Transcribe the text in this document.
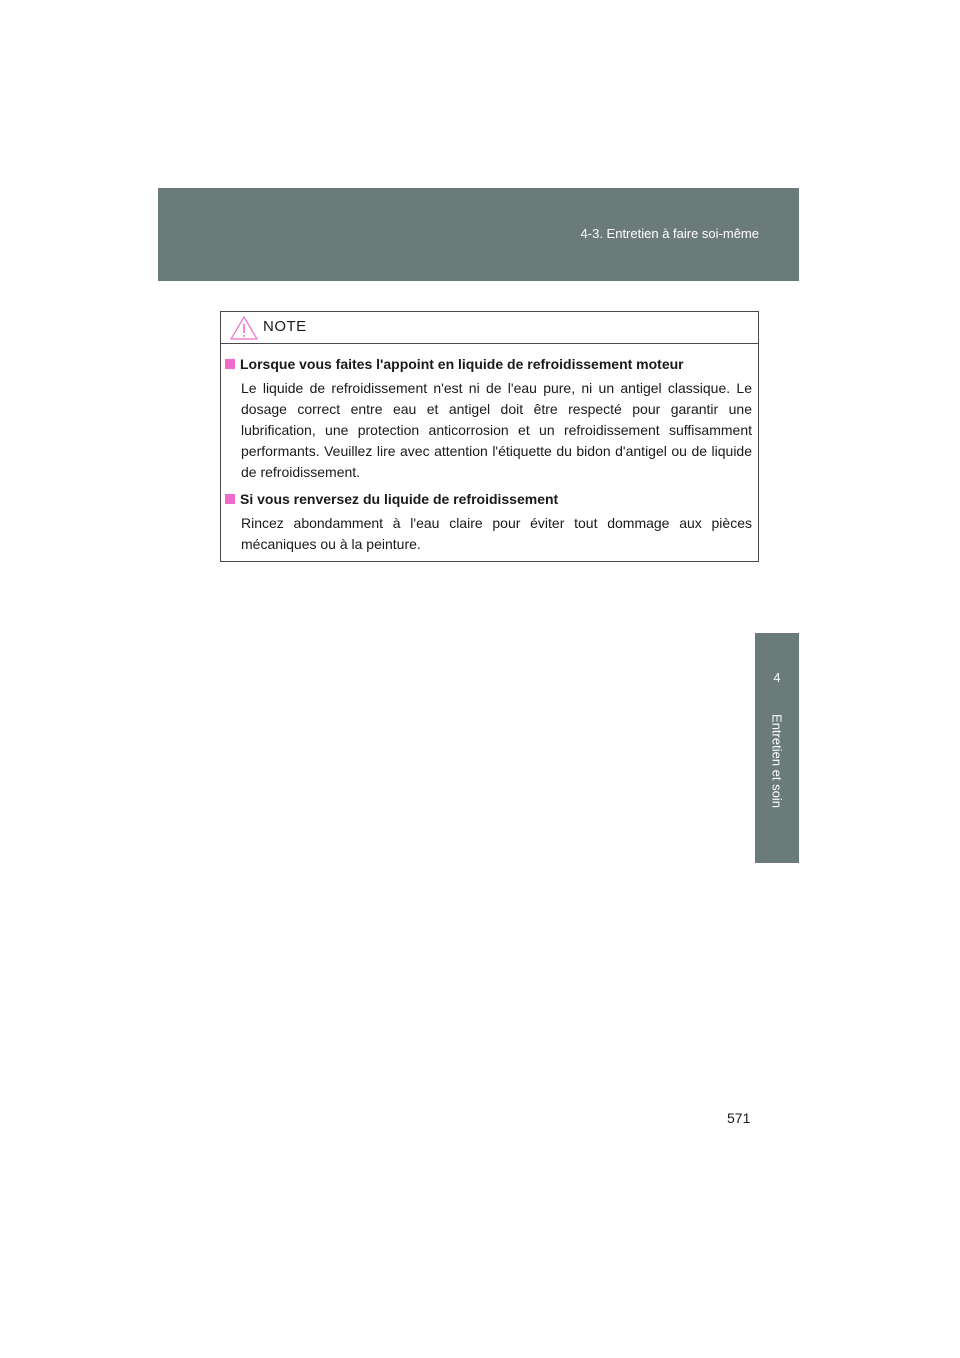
4-3. Entretien à faire soi-même
4
Entretien et soin
NOTE
Lorsque vous faites l'appoint en liquide de refroidissement moteur

Le liquide de refroidissement n'est ni de l'eau pure, ni un antigel classique. Le dosage correct entre eau et antigel doit être respecté pour garantir une lubrification, une protection anticorrosion et un refroidissement suffisamment performants. Veuillez lire avec attention l'étiquette du bidon d'antigel ou de liquide de refroidissement.

Si vous renversez du liquide de refroidissement

Rincez abondamment à l'eau claire pour éviter tout dommage aux pièces mécaniques ou à la peinture.

571
